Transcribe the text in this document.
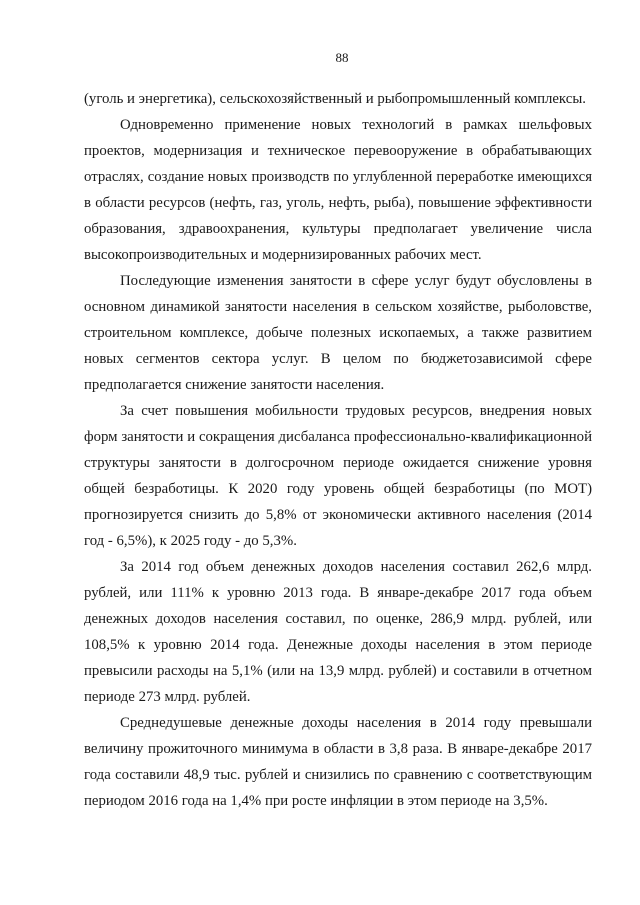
88

(уголь и энергетика), сельскохозяйственный и рыбопромышленный комплексы.

Одновременно применение новых технологий в рамках шельфовых проектов, модернизация и техническое перевооружение в обрабатывающих отраслях, создание новых производств по углубленной переработке имеющихся в области ресурсов (нефть, газ, уголь, нефть, рыба), повышение эффективности образования, здравоохранения, культуры предполагает увеличение числа высокопроизводительных и модернизированных рабочих мест.

Последующие изменения занятости в сфере услуг будут обусловлены в основном динамикой занятости населения в сельском хозяйстве, рыболовстве, строительном комплексе, добыче полезных ископаемых, а также развитием новых сегментов сектора услуг. В целом по бюджетозависимой сфере предполагается снижение занятости населения.

За счет повышения мобильности трудовых ресурсов, внедрения новых форм занятости и сокращения дисбаланса профессионально-квалификационной структуры занятости в долгосрочном периоде ожидается снижение уровня общей безработицы. К 2020 году уровень общей безработицы (по МОТ) прогнозируется снизить до 5,8% от экономически активного населения (2014 год - 6,5%), к 2025 году - до 5,3%.

За 2014 год объем денежных доходов населения составил 262,6 млрд. рублей, или 111% к уровню 2013 года. В январе-декабре 2017 года объем денежных доходов населения составил, по оценке, 286,9 млрд. рублей, или 108,5% к уровню 2014 года. Денежные доходы населения в этом периоде превысили расходы на 5,1% (или на 13,9 млрд. рублей) и составили в отчетном периоде 273 млрд. рублей.

Среднедушевые денежные доходы населения в 2014 году превышали величину прожиточного минимума в области в 3,8 раза. В январе-декабре 2017 года составили 48,9 тыс. рублей и снизились по сравнению с соответствующим периодом 2016 года на 1,4% при росте инфляции в этом периоде на 3,5%.
